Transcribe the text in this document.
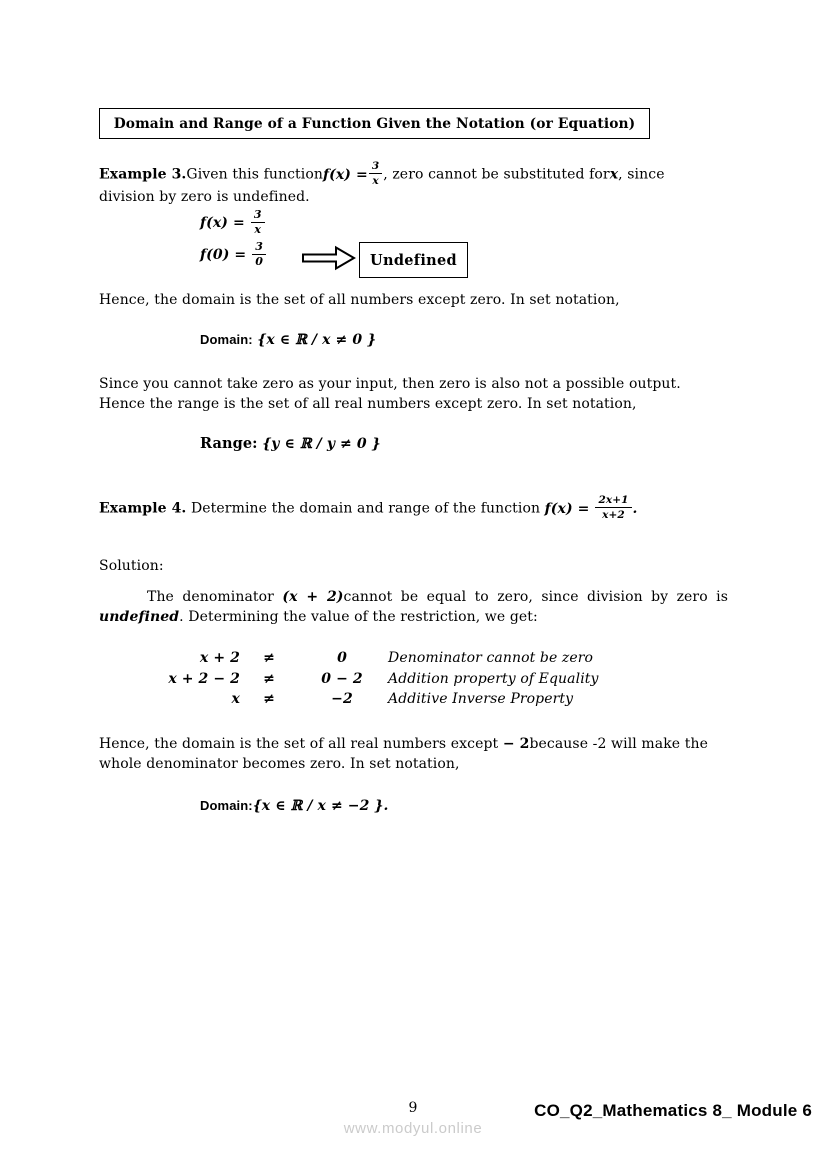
Domain and Range of a Function Given the Notation (or Equation)
Example 3.Given this functionf(x) = $\frac{3}{x}$ , zero cannot be substituted forx, since
division by zero is undefined.
$f(x) = \frac{3}{x}$
$f(0) = \frac{3}{0}$	Undefined
Hence, the domain is the set of all numbers except zero. In set notation,
Domain: {x ∈ ℝ / x ≠ 0 }
Since you cannot take zero as your input, then zero is also not a possible output.
Hence the range is the set of all real numbers except zero. In set notation,
Range: {y ∈ ℝ / y ≠ 0 }
Example 4. Determine the domain and range of the function $f(x) = \frac{2x+1}{x+2}$ .
Solution:
The denominator (x + 2)cannot be equal to zero, since division by zero is
undefined. Determining the value of the restriction, we get:
x + 2	≠	0	Denominator cannot be zero
x + 2 − 2	≠	0 − 2	Addition property of Equality
x	≠	−2	Additive Inverse Property
Hence, the domain is the set of all real numbers except − 2because -2 will make the
whole denominator becomes zero. In set notation,
Domain:{x ∈ ℝ / x ≠ −2 }.
9	CO_Q2_Mathematics 8_ Module 6
www.modyul.online
